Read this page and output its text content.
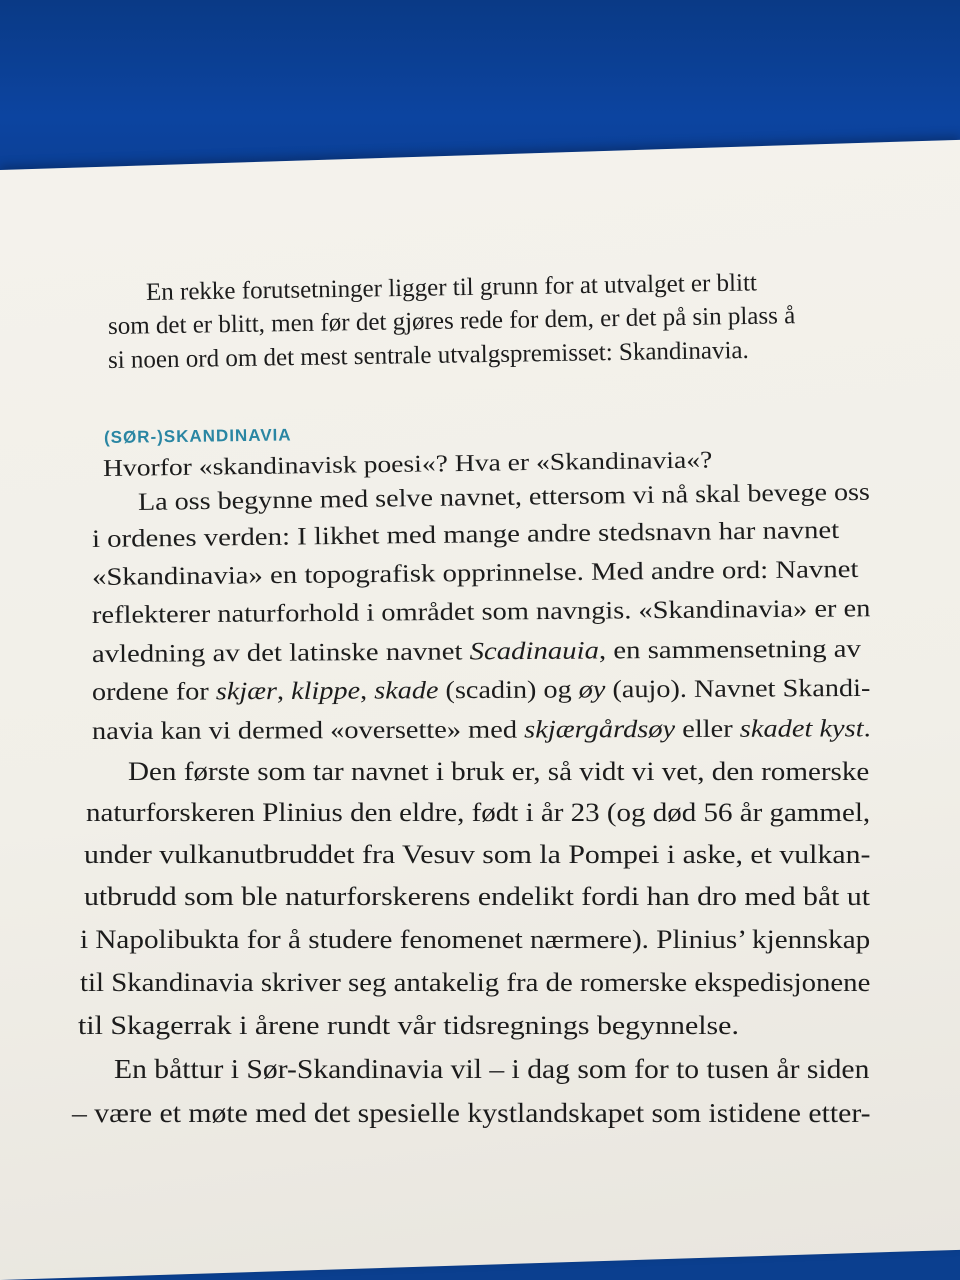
En rekke forutsetninger ligger til grunn for at utvalget er blitt
som det er blitt, men før det gjøres rede for dem, er det på sin plass å
si noen ord om det mest sentrale utvalgspremisset: Skandinavia.
(SØR-)SKANDINAVIA
Hvorfor «skandinavisk poesi«? Hva er «Skandinavia«?
La oss begynne med selve navnet, ettersom vi nå skal bevege oss
i ordenes verden: I likhet med mange andre stedsnavn har navnet
«Skandinavia» en topografisk opprinnelse. Med andre ord: Navnet
reflekterer naturforhold i området som navngis. «Skandinavia» er en
avledning av det latinske navnet Scadinauia, en sammensetning av
ordene for skjær, klippe, skade (scadin) og øy (aujo). Navnet Skandi-
navia kan vi dermed «oversette» med skjærgårdsøy eller skadet kyst.
Den første som tar navnet i bruk er, så vidt vi vet, den romerske
naturforskeren Plinius den eldre, født i år 23 (og død 56 år gammel,
under vulkanutbruddet fra Vesuv som la Pompei i aske, et vulkan-
utbrudd som ble naturforskerens endelikt fordi han dro med båt ut
i Napolibukta for å studere fenomenet nærmere). Plinius’ kjennskap
til Skandinavia skriver seg antakelig fra de romerske ekspedisjonene
til Skagerrak i årene rundt vår tidsregnings begynnelse.
En båttur i Sør-Skandinavia vil – i dag som for to tusen år siden
– være et møte med det spesielle kystlandskapet som istidene etter-
